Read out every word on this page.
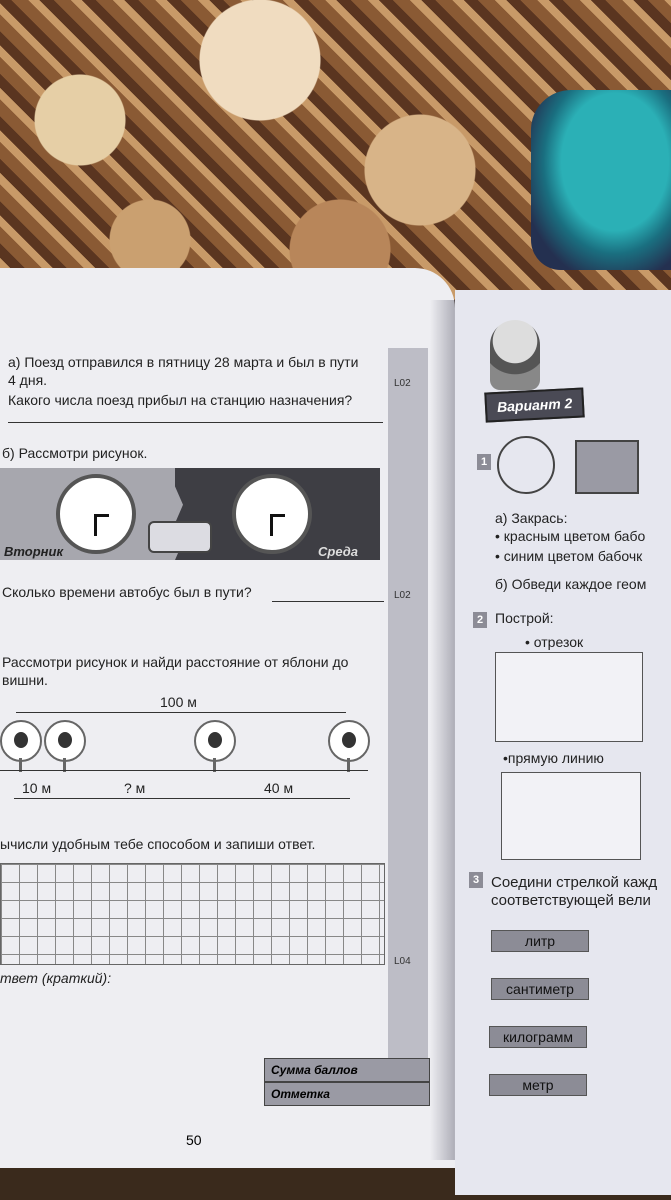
L02
L02
L04
а) Поезд отправился в пятницу 28 марта и был в пути
4 дня.
Какого числа поезд прибыл на станцию назначения?
б) Рассмотри рисунок.
Вторник	Среда
Сколько времени автобус был в пути?
Рассмотри рисунок и найди расстояние от яблони до
вишни.
100 м
10 м	? м	40 м
ычисли удобным тебе способом и запиши ответ.
твет (краткий):
Сумма баллов
Отметка
50
Вариант 2
1
а) Закрась:
• красным цветом бабо
• синим цветом бабочк
б) Обведи каждое геом
2 Построй:
• отрезок
•прямую линию
3 Соедини стрелкой кажд
соответствующей вели
литр
сантиметр
килограмм
метр
